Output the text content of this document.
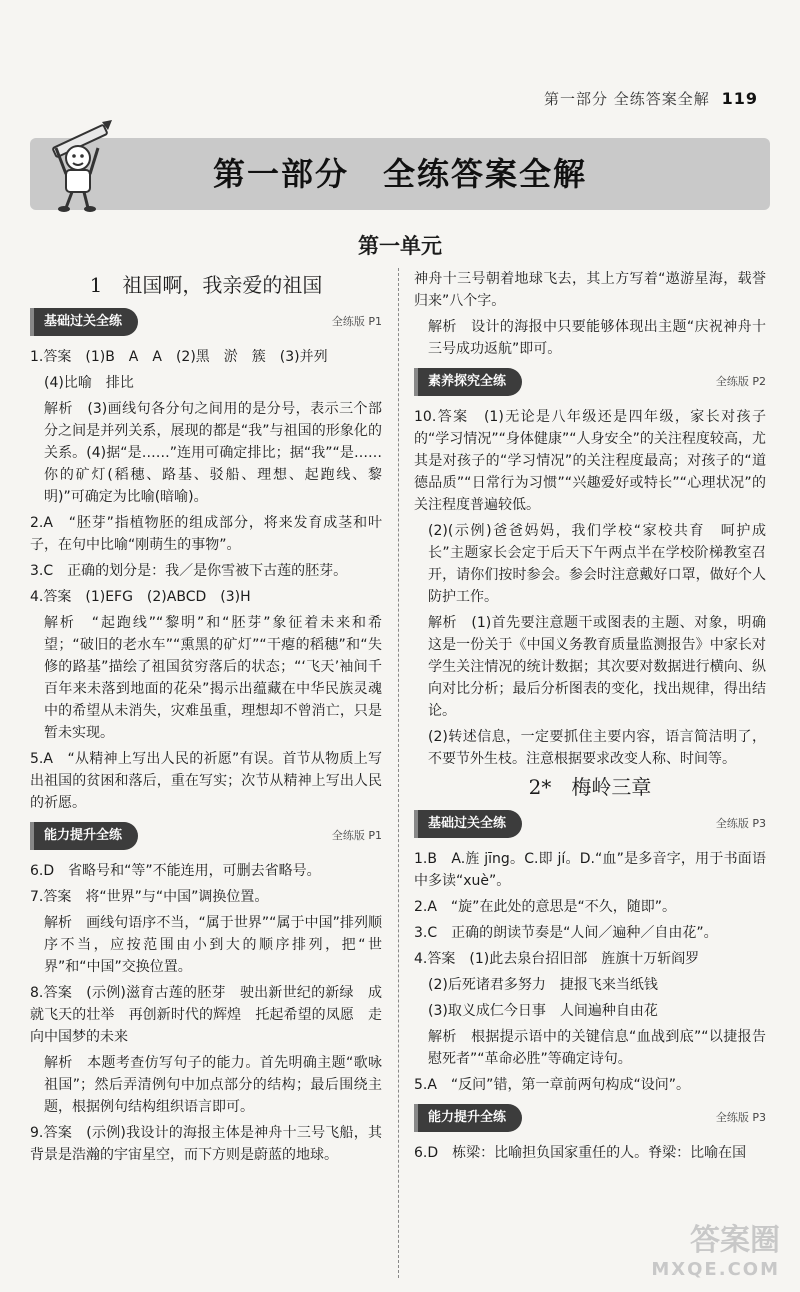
第一部分 全练答案全解 119
第一部分　全练答案全解
第一单元
1　祖国啊，我亲爱的祖国
基础过关全练	全练版 P1

1.答案　(1)B　A　A　(2)黑　淤　簇　(3)并列

(4)比喻　排比

解析　(3)画线句各分句之间用的是分号，表示三个部分之间是并列关系，展现的都是“我”与祖国的形象化的关系。(4)据“是……”连用可确定排比；据“我”“是……你的矿灯(稻穗、路基、驳船、理想、起跑线、黎明)”可确定为比喻(暗喻)。

2.A　“胚芽”指植物胚的组成部分，将来发育成茎和叶子，在句中比喻“刚萌生的事物”。

3.C　正确的划分是：我／是你雪被下古莲的胚芽。

4.答案　(1)EFG　(2)ABCD　(3)H

解析　“起跑线”“黎明”和“胚芽”象征着未来和希望；“破旧的老水车”“熏黑的矿灯”“干瘪的稻穗”和“失修的路基”描绘了祖国贫穷落后的状态；“‘飞天’袖间千百年来未落到地面的花朵”揭示出蕴藏在中华民族灵魂中的希望从未消失，灾难虽重，理想却不曾消亡，只是暂未实现。

5.A　“从精神上写出人民的祈愿”有误。首节从物质上写出祖国的贫困和落后，重在写实；次节从精神上写出人民的祈愿。

能力提升全练	全练版 P1

6.D　省略号和“等”不能连用，可删去省略号。

7.答案　将“世界”与“中国”调换位置。

解析　画线句语序不当，“属于世界”“属于中国”排列顺序不当，应按范围由小到大的顺序排列，把“世界”和“中国”交换位置。

8.答案　(示例)滋育古莲的胚芽　驶出新世纪的新绿　成就飞天的壮举　再创新时代的辉煌　托起希望的凤愿　走向中国梦的未来

解析　本题考查仿写句子的能力。首先明确主题“歌咏祖国”；然后弄清例句中加点部分的结构；最后围绕主题，根据例句结构组织语言即可。

9.答案　(示例)我设计的海报主体是神舟十三号飞船，其背景是浩瀚的宇宙星空，而下方则是蔚蓝的地球。

神舟十三号朝着地球飞去，其上方写着“遨游星海，载誉归来”八个字。

解析　设计的海报中只要能够体现出主题“庆祝神舟十三号成功返航”即可。

素养探究全练	全练版 P2

10.答案　(1)无论是八年级还是四年级，家长对孩子的“学习情况”“身体健康”“人身安全”的关注程度较高，尤其是对孩子的“学习情况”的关注程度最高；对孩子的“道德品质”“日常行为习惯”“兴趣爱好或特长”“心理状况”的关注程度普遍较低。

(2)(示例)爸爸妈妈，我们学校“家校共育　呵护成长”主题家长会定于后天下午两点半在学校阶梯教室召开，请你们按时参会。参会时注意戴好口罩，做好个人防护工作。

解析　(1)首先要注意题干或图表的主题、对象，明确这是一份关于《中国义务教育质量监测报告》中家长对学生关注情况的统计数据；其次要对数据进行横向、纵向对比分析；最后分析图表的变化，找出规律，得出结论。

(2)转述信息，一定要抓住主要内容，语言简洁明了，不要节外生枝。注意根据要求改变人称、时间等。

2*　梅岭三章
基础过关全练	全练版 P3

1.B　A.旌 jīng。C.即 jí。D.“血”是多音字，用于书面语中多读“xuè”。

2.A　“旋”在此处的意思是“不久，随即”。

3.C　正确的朗读节奏是“人间／遍种／自由花”。

4.答案　(1)此去泉台招旧部　旌旗十万斩阎罗

(2)后死诸君多努力　捷报飞来当纸钱

(3)取义成仁今日事　人间遍种自由花

解析　根据提示语中的关键信息“血战到底”“以捷报告慰死者”“革命必胜”等确定诗句。

5.A　“反问”错，第一章前两句构成“设问”。

能力提升全练	全练版 P3

6.D　栋梁：比喻担负国家重任的人。脊梁：比喻在国

答案圈
MXQE.COM
